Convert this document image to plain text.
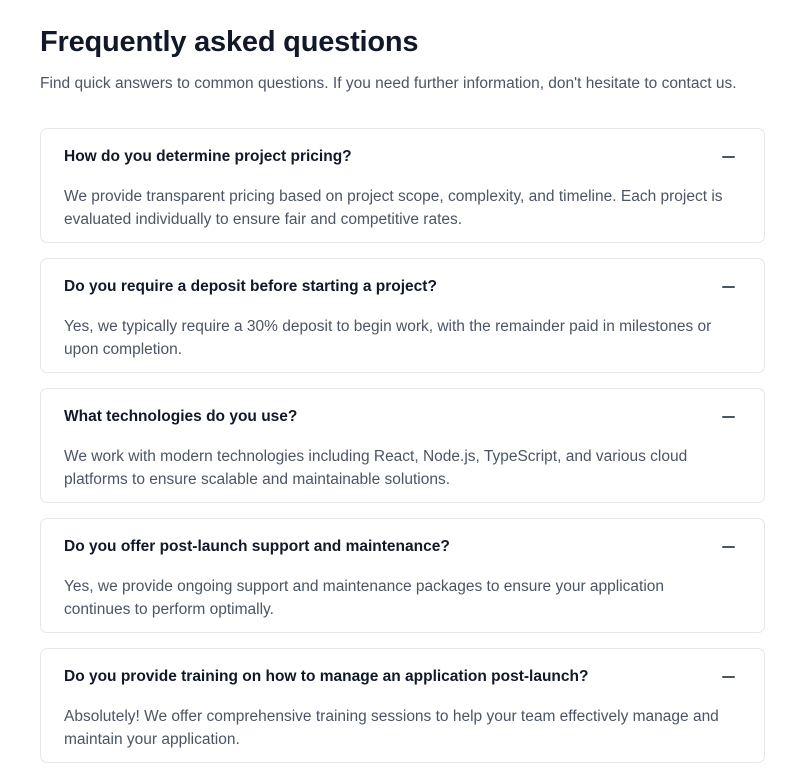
Frequently asked questions

Find quick answers to common questions. If you need further information, don't hesitate to contact us.

How do you determine project pricing?

We provide transparent pricing based on project scope, complexity, and timeline. Each project is evaluated individually to ensure fair and competitive rates.

Do you require a deposit before starting a project?

Yes, we typically require a 30% deposit to begin work, with the remainder paid in milestones or upon completion.

What technologies do you use?

We work with modern technologies including React, Node.js, TypeScript, and various cloud platforms to ensure scalable and maintainable solutions.

Do you offer post-launch support and maintenance?

Yes, we provide ongoing support and maintenance packages to ensure your application continues to perform optimally.

Do you provide training on how to manage an application post-launch?

Absolutely! We offer comprehensive training sessions to help your team effectively manage and maintain your application.
